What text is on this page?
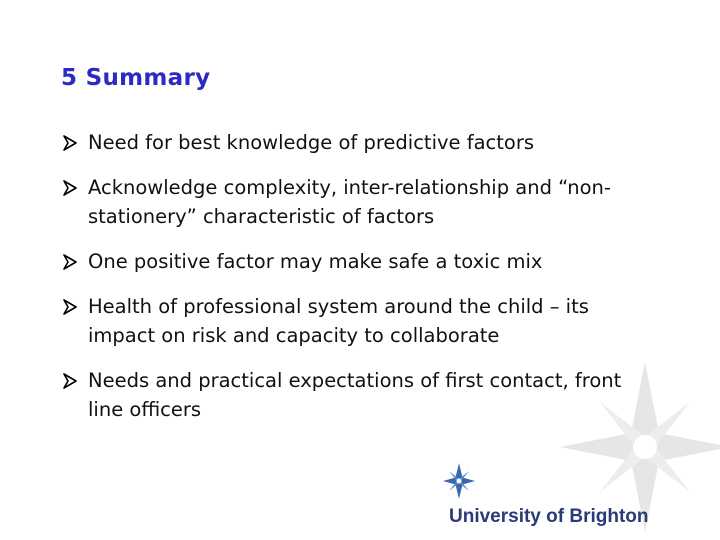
5 Summary
Need for best knowledge of predictive factors
Acknowledge complexity, inter-relationship and “non-stationery” characteristic of factors
One positive factor may make safe a toxic mix
Health of professional system around the child – its impact on risk and capacity to collaborate
Needs and practical expectations of first contact, front line officers
University of Brighton
